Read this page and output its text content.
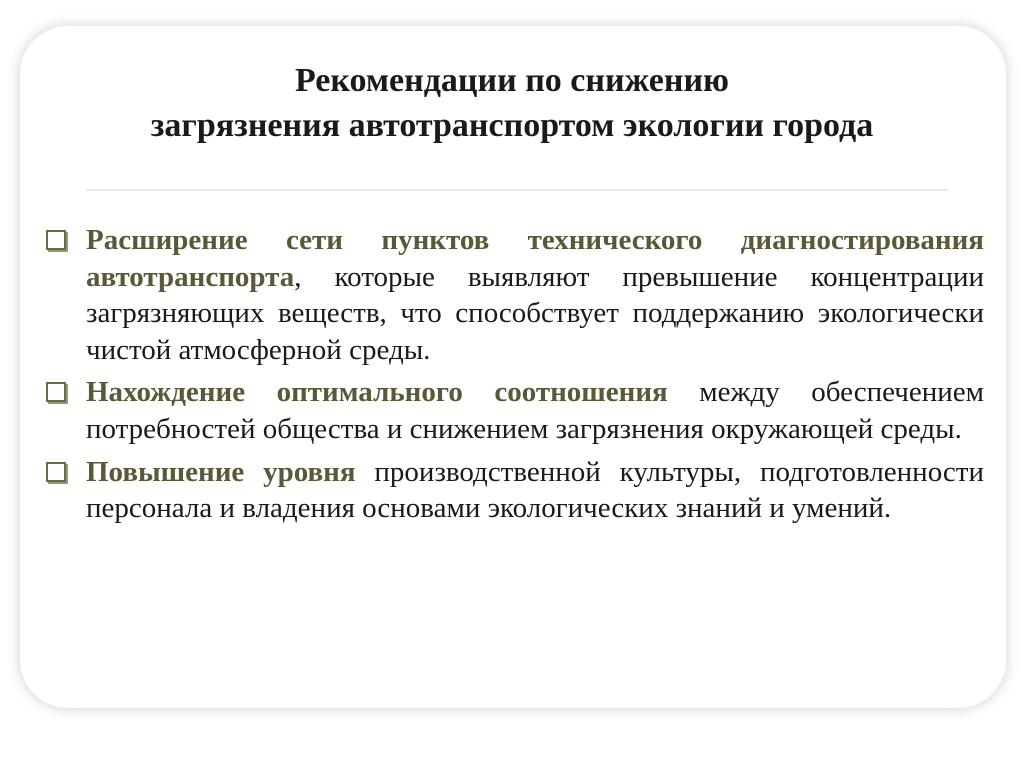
Рекомендации по снижению
загрязнения автотранспортом экологии города

Расширение сети пунктов технического диагностирования автотранспорта, которые выявляют превышение концентрации загрязняющих веществ, что способствует поддержанию экологически чистой атмосферной среды.

Нахождение оптимального соотношения между обеспечением потребностей общества и снижением загрязнения окружающей среды.

Повышение уровня производственной культуры, подготовленности персонала и владения основами экологических знаний и умений.
